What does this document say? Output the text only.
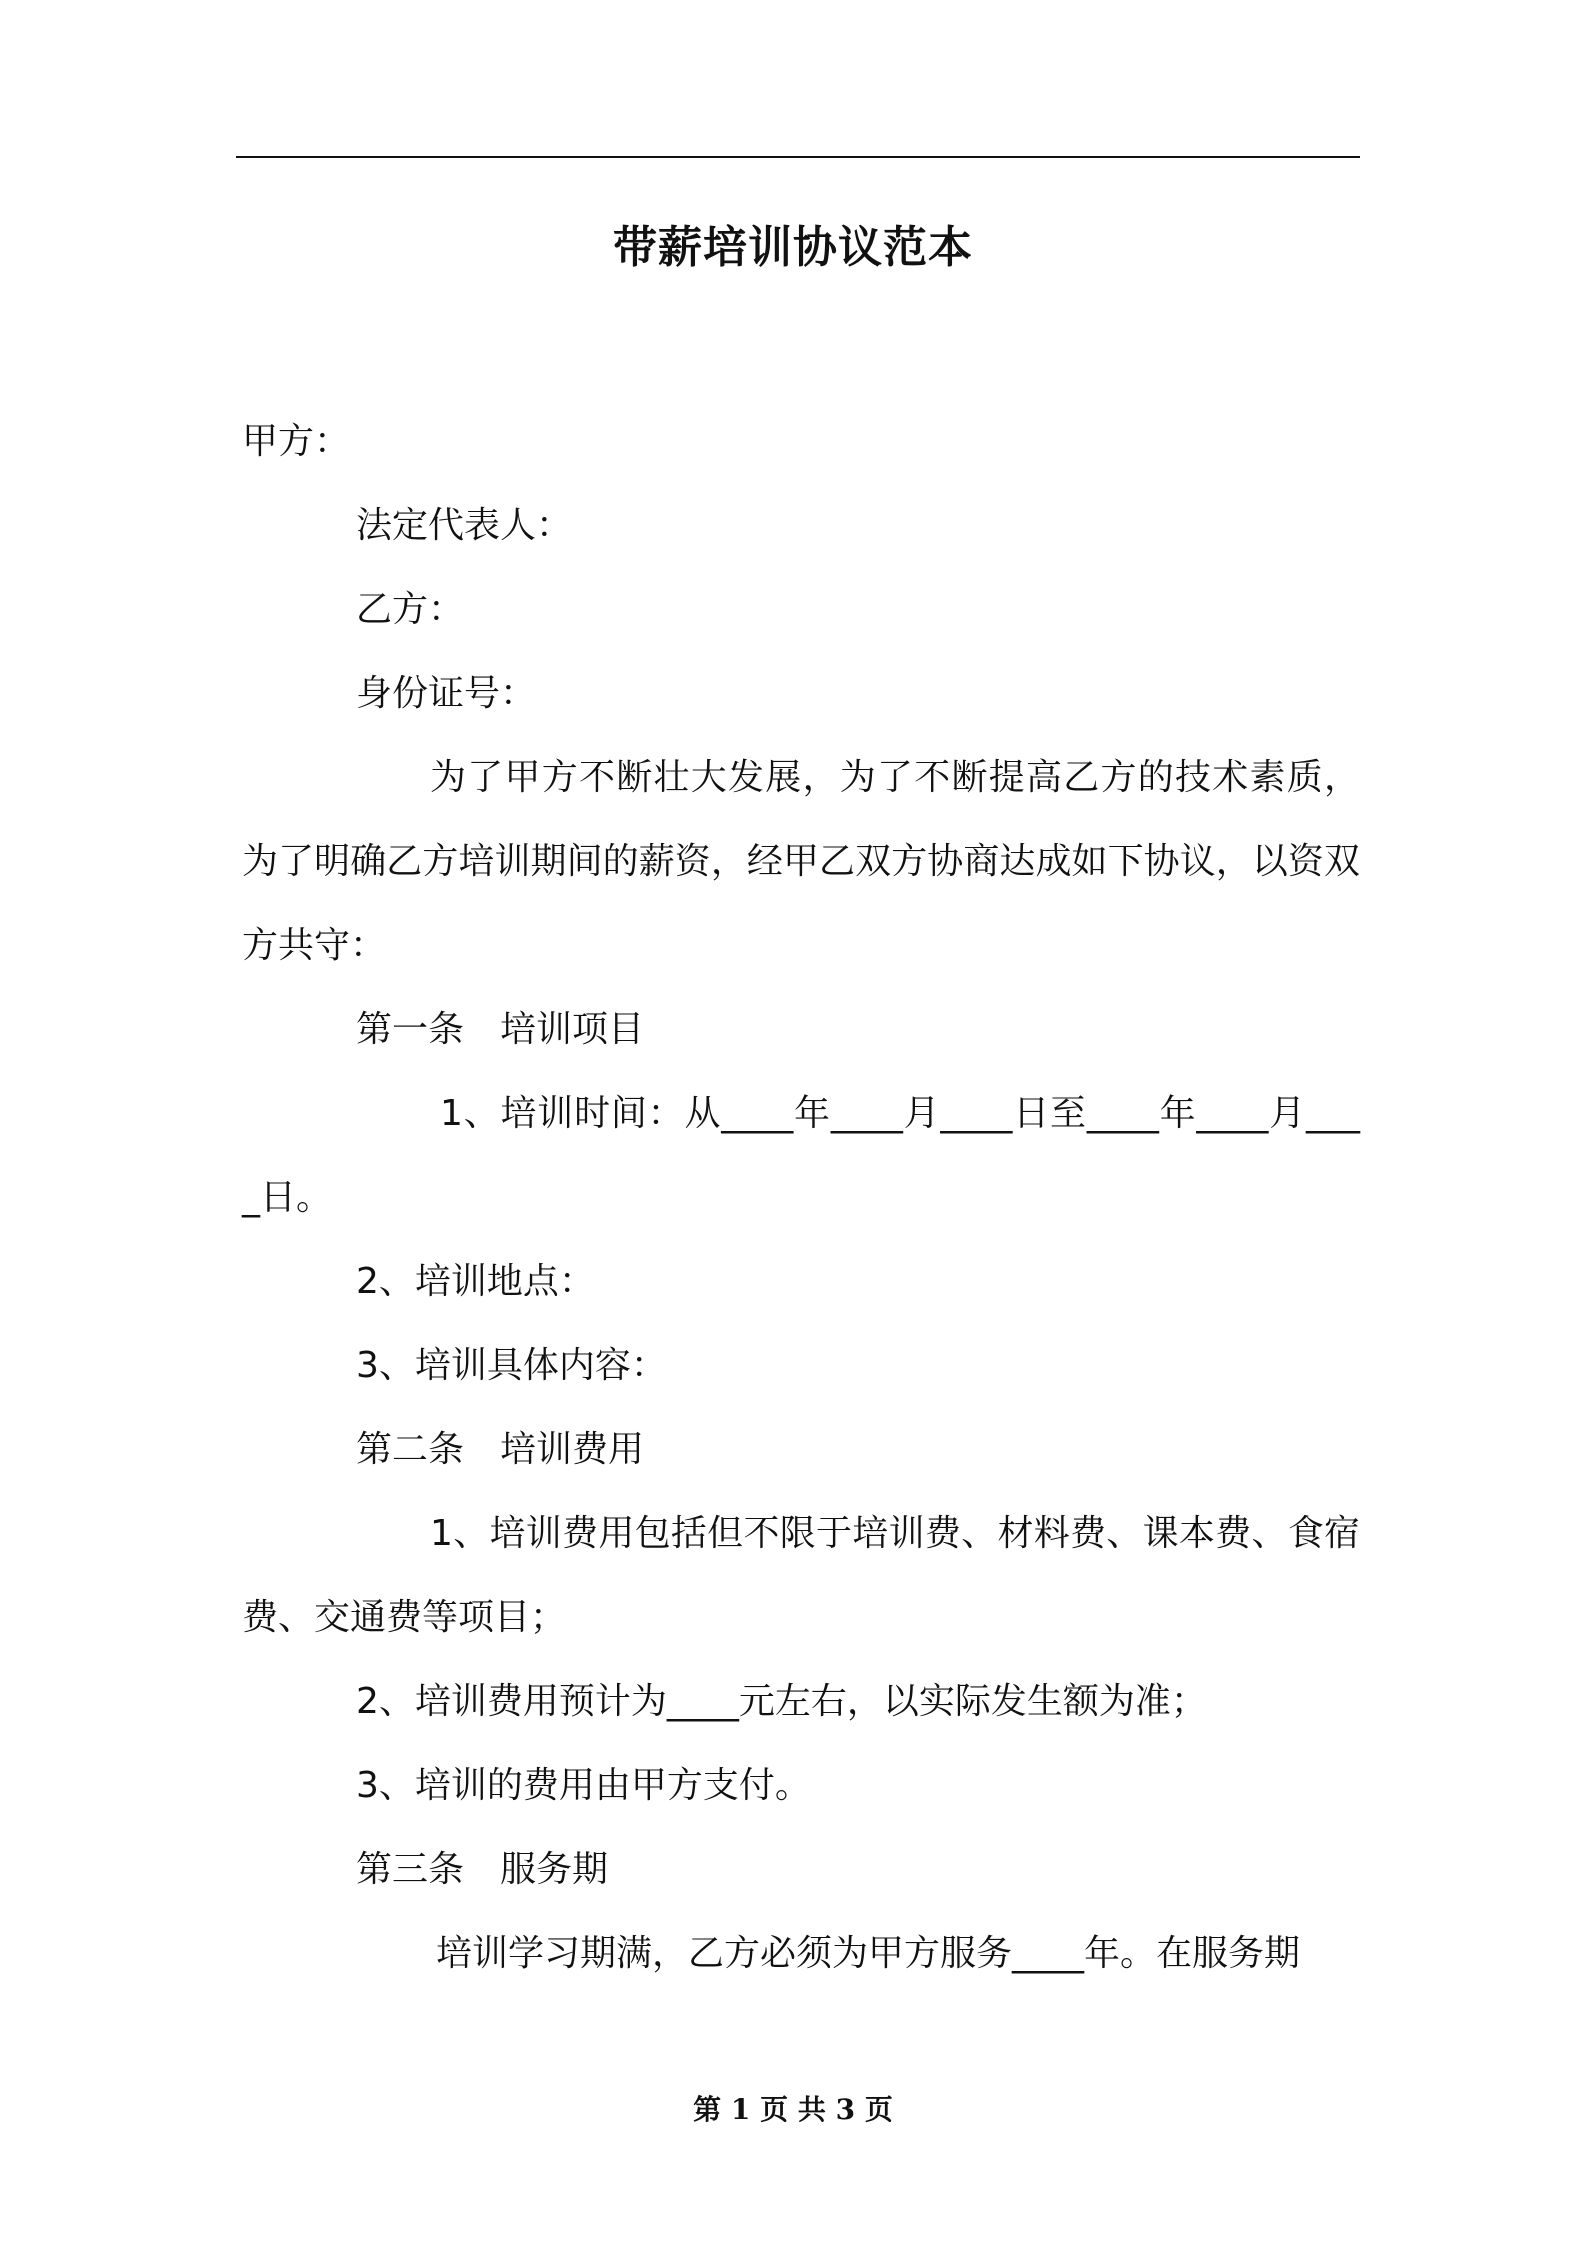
带薪培训协议范本

甲方：

法定代表人：

乙方：

身份证号：

为了甲方不断壮大发展，为了不断提高乙方的技术素质，为了明确乙方培训期间的薪资，经甲乙双方协商达成如下协议，以资双方共守：

第一条　培训项目

1、培训时间：从____年____月____日至____年____月____日。

2、培训地点：

3、培训具体内容：

第二条　培训费用

1、培训费用包括但不限于培训费、材料费、课本费、食宿费、交通费等项目；

2、培训费用预计为____元左右，以实际发生额为准；

3、培训的费用由甲方支付。

第三条　服务期

培训学习期满，乙方必须为甲方服务____年。在服务期

第 1 页 共 3 页
